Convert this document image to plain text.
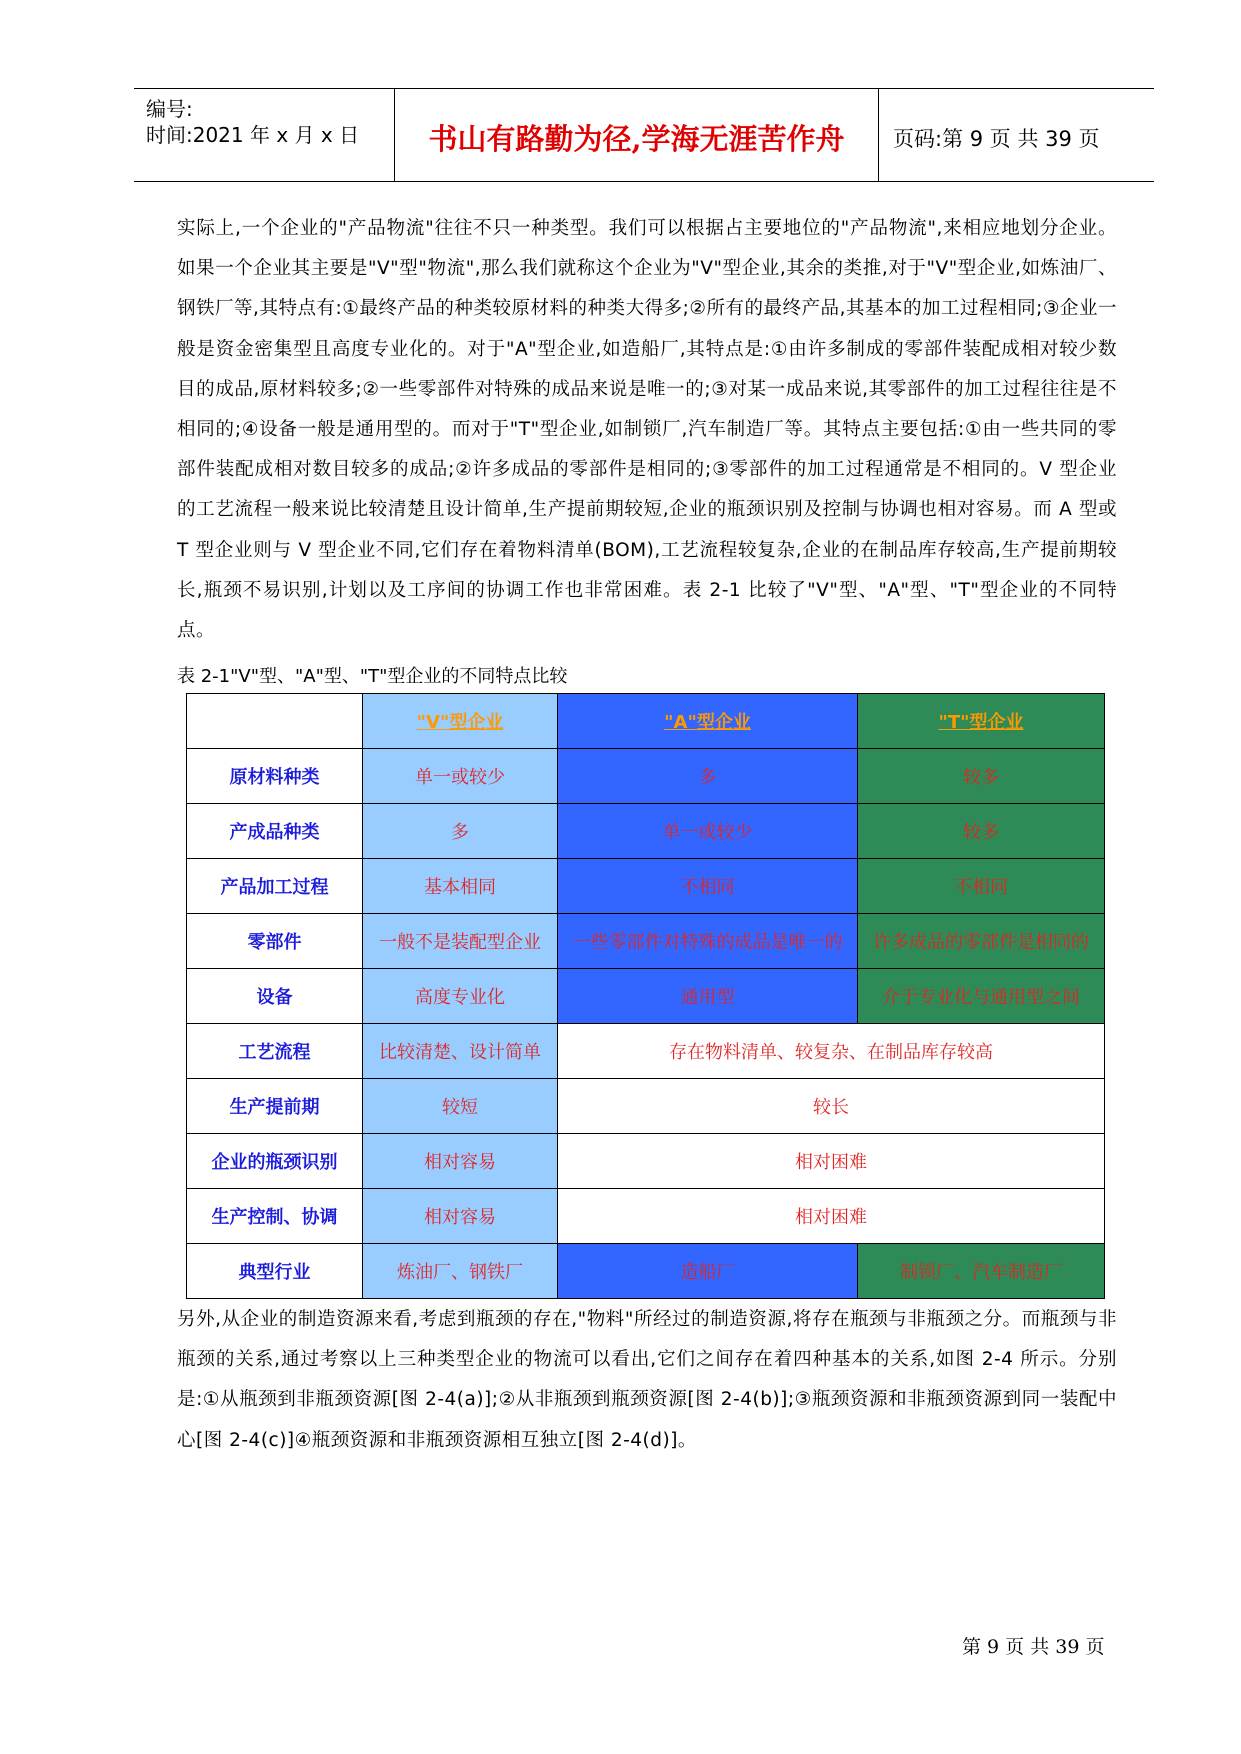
编号:
时间:2021 年 x 月 x 日	书山有路勤为径,学海无涯苦作舟	页码:第 9 页 共 39 页
实际上,一个企业的"产品物流"往往不只一种类型。我们可以根据占主要地位的"产品物流",来相应地划分企业。如果一个企业其主要是"V"型"物流",那么我们就称这个企业为"V"型企业,其余的类推,对于"V"型企业,如炼油厂、钢铁厂等,其特点有:①最终产品的种类较原材料的种类大得多;②所有的最终产品,其基本的加工过程相同;③企业一般是资金密集型且高度专业化的。对于"A"型企业,如造船厂,其特点是:①由许多制成的零部件装配成相对较少数目的成品,原材料较多;②一些零部件对特殊的成品来说是唯一的;③对某一成品来说,其零部件的加工过程往往是不相同的;④设备一般是通用型的。而对于"T"型企业,如制锁厂,汽车制造厂等。其特点主要包括:①由一些共同的零部件装配成相对数目较多的成品;②许多成品的零部件是相同的;③零部件的加工过程通常是不相同的。V 型企业的工艺流程一般来说比较清楚且设计简单,生产提前期较短,企业的瓶颈识别及控制与协调也相对容易。而 A 型或 T 型企业则与 V 型企业不同,它们存在着物料清单(BOM),工艺流程较复杂,企业的在制品库存较高,生产提前期较长,瓶颈不易识别,计划以及工序间的协调工作也非常困难。表 2-1 比较了"V"型、"A"型、"T"型企业的不同特点。
表 2-1"V"型、"A"型、"T"型企业的不同特点比较
	"V"型企业	"A"型企业	"T"型企业
原材料种类	单一或较少	多	较多
产成品种类	多	单一或较少	较多
产品加工过程	基本相同	不相同	不相同
零部件	一般不是装配型企业	一些零部件对特殊的成品是唯一的	许多成品的零部件是相同的
设备	高度专业化	通用型	介于专业化与通用型之间
工艺流程	比较清楚、设计简单	存在物料清单、较复杂、在制品库存较高	
生产提前期	较短	较长	
企业的瓶颈识别	相对容易	相对困难	
生产控制、协调	相对容易	相对困难	
典型行业	炼油厂、钢铁厂	造船厂	制锁厂、汽车制造厂
另外,从企业的制造资源来看,考虑到瓶颈的存在,"物料"所经过的制造资源,将存在瓶颈与非瓶颈之分。而瓶颈与非瓶颈的关系,通过考察以上三种类型企业的物流可以看出,它们之间存在着四种基本的关系,如图 2-4 所示。分别是:①从瓶颈到非瓶颈资源[图 2-4(a)];②从非瓶颈到瓶颈资源[图 2-4(b)];③瓶颈资源和非瓶颈资源到同一装配中心[图 2-4(c)]④瓶颈资源和非瓶颈资源相互独立[图 2-4(d)]。
第 9 页 共 39 页
